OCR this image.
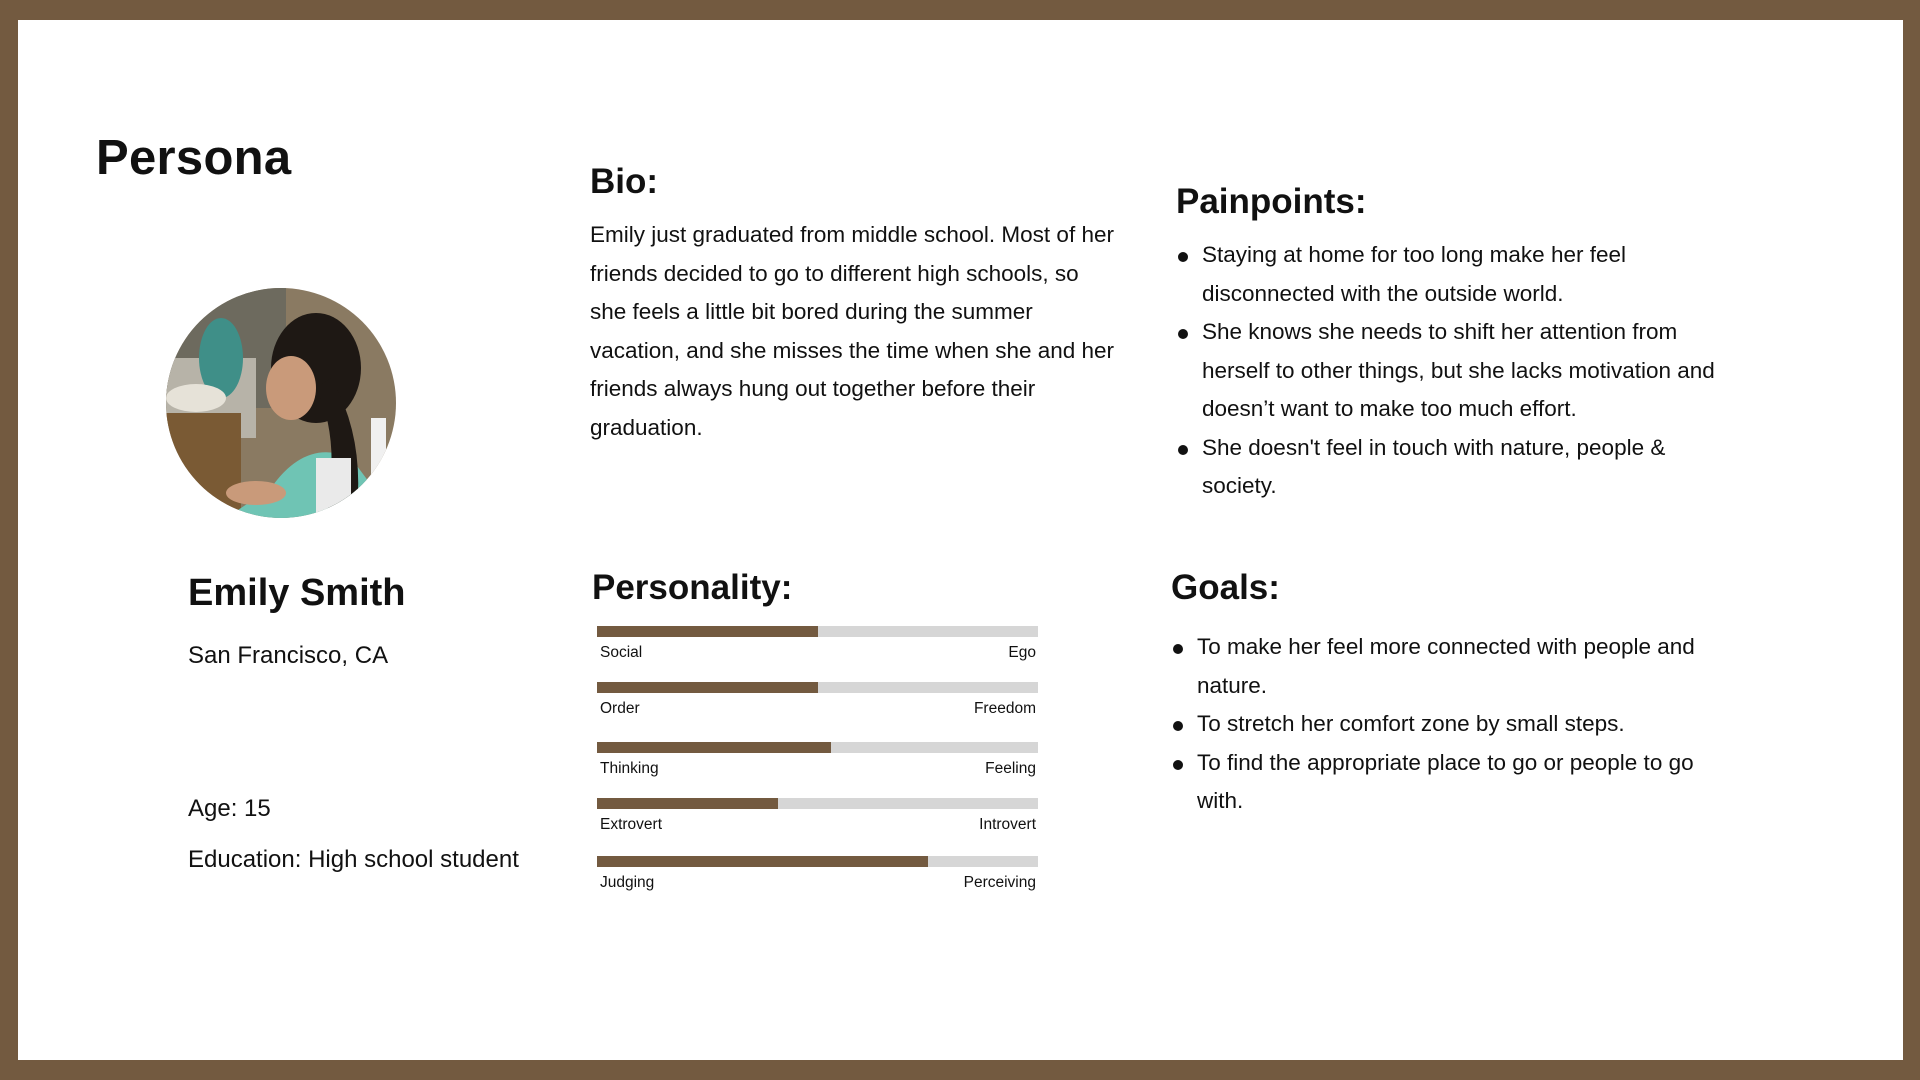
Persona
Emily Smith
San Francisco, CA
Age: 15
Education: High school student
Bio:

Emily just graduated from middle school. Most of her friends decided to go to different high schools, so she feels a little bit bored during the summer vacation, and she misses the time when she and her friends always hung out together before their graduation.

Painpoints:
Staying at home for too long make her feel disconnected with the outside world.
She knows she needs to shift her attention from herself to other things, but she lacks motivation and doesn’t want to make too much effort.
She doesn't feel in touch with nature, people & society.
Personality:
Social	Ego
Order	Freedom
Thinking	Feeling
Extrovert	Introvert
Judging	Perceiving
Goals:
To make her feel more connected with people and nature.
To stretch her comfort zone by small steps.
To find the appropriate place to go or people to go with.
